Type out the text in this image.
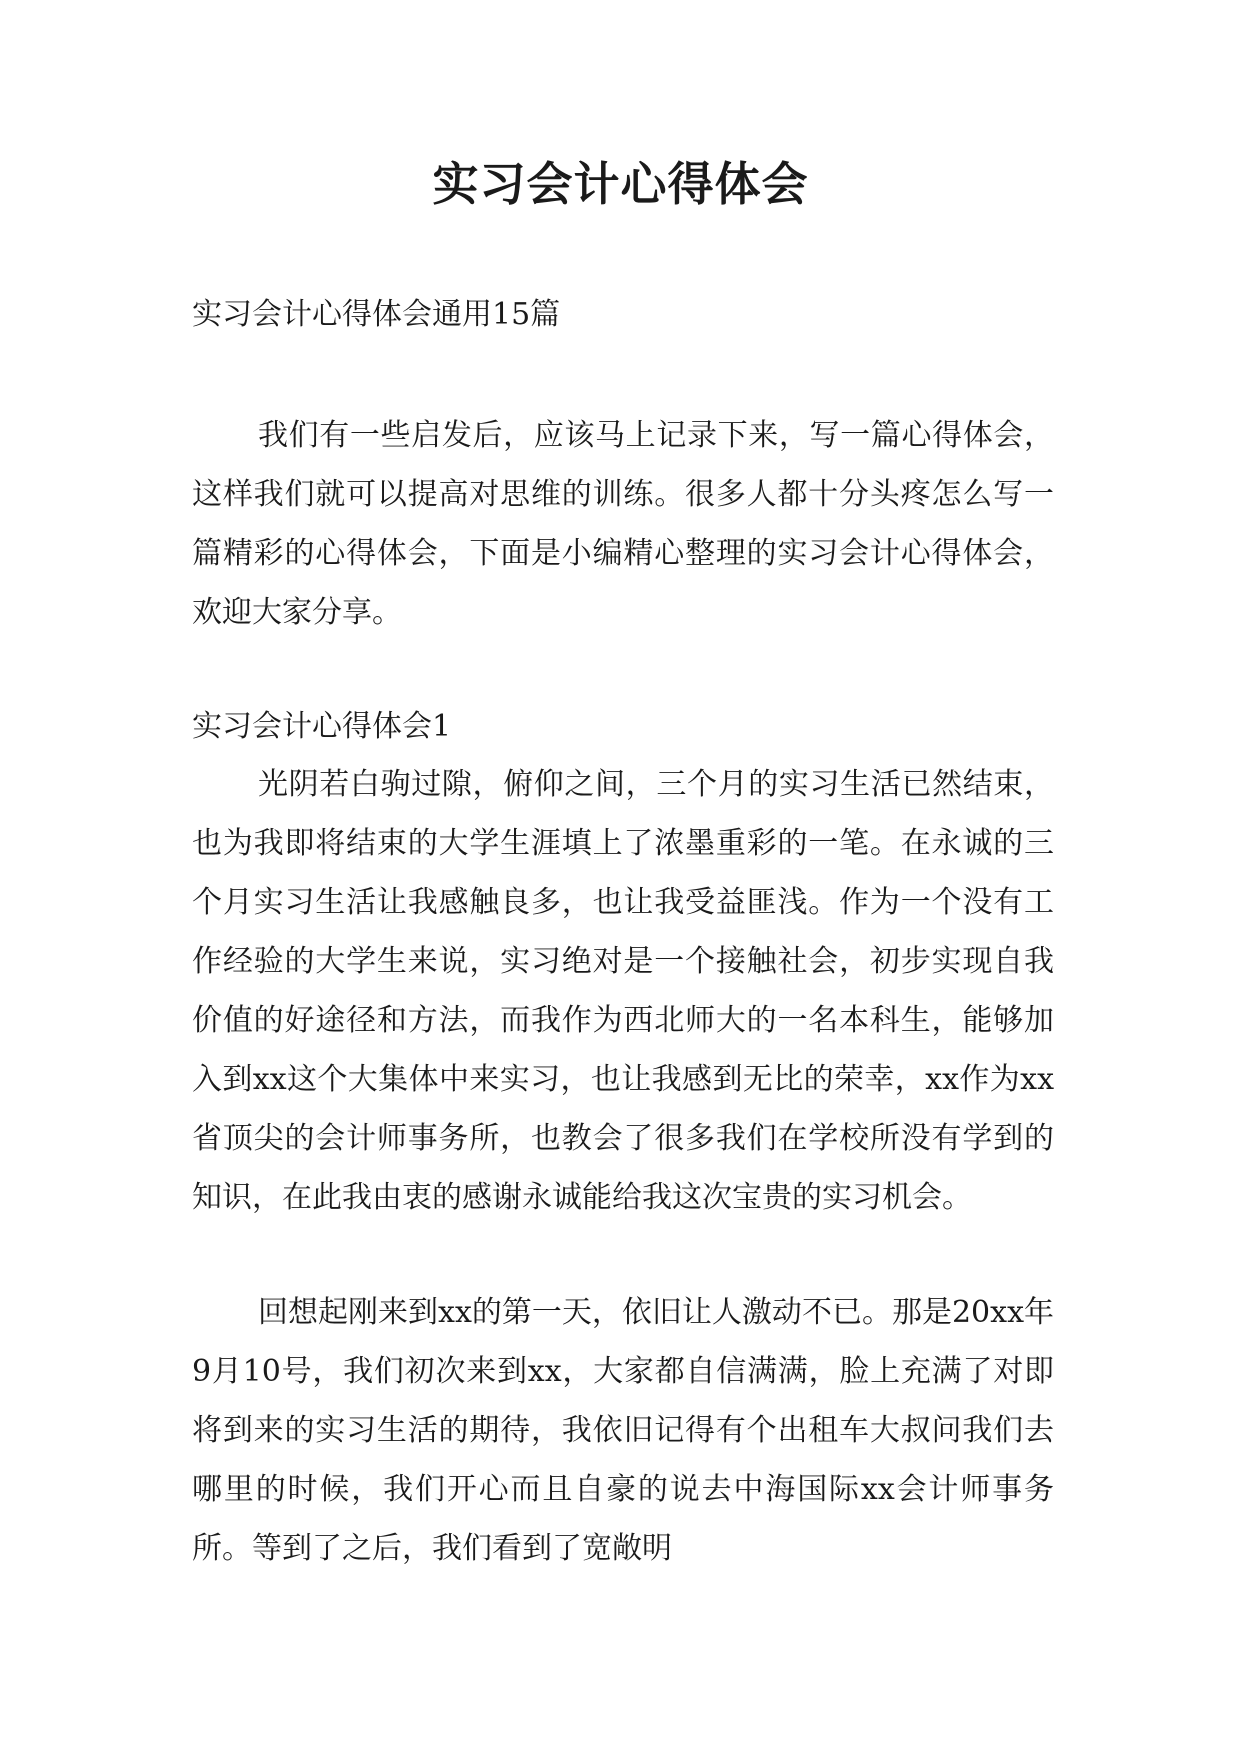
实习会计心得体会

实习会计心得体会通用15篇

我们有一些启发后，应该马上记录下来，写一篇心得体会，这样我们就可以提高对思维的训练。很多人都十分头疼怎么写一篇精彩的心得体会，下面是小编精心整理的实习会计心得体会，欢迎大家分享。

实习会计心得体会1

光阴若白驹过隙，俯仰之间，三个月的实习生活已然结束，也为我即将结束的大学生涯填上了浓墨重彩的一笔。在永诚的三个月实习生活让我感触良多，也让我受益匪浅。作为一个没有工作经验的大学生来说，实习绝对是一个接触社会，初步实现自我价值的好途径和方法，而我作为西北师大的一名本科生，能够加入到xx这个大集体中来实习，也让我感到无比的荣幸，xx作为xx省顶尖的会计师事务所，也教会了很多我们在学校所没有学到的知识，在此我由衷的感谢永诚能给我这次宝贵的实习机会。

回想起刚来到xx的第一天，依旧让人激动不已。那是20xx年9月10号，我们初次来到xx，大家都自信满满，脸上充满了对即将到来的实习生活的期待，我依旧记得有个出租车大叔问我们去哪里的时候，我们开心而且自豪的说去中海国际xx会计师事务所。等到了之后，我们看到了宽敞明
